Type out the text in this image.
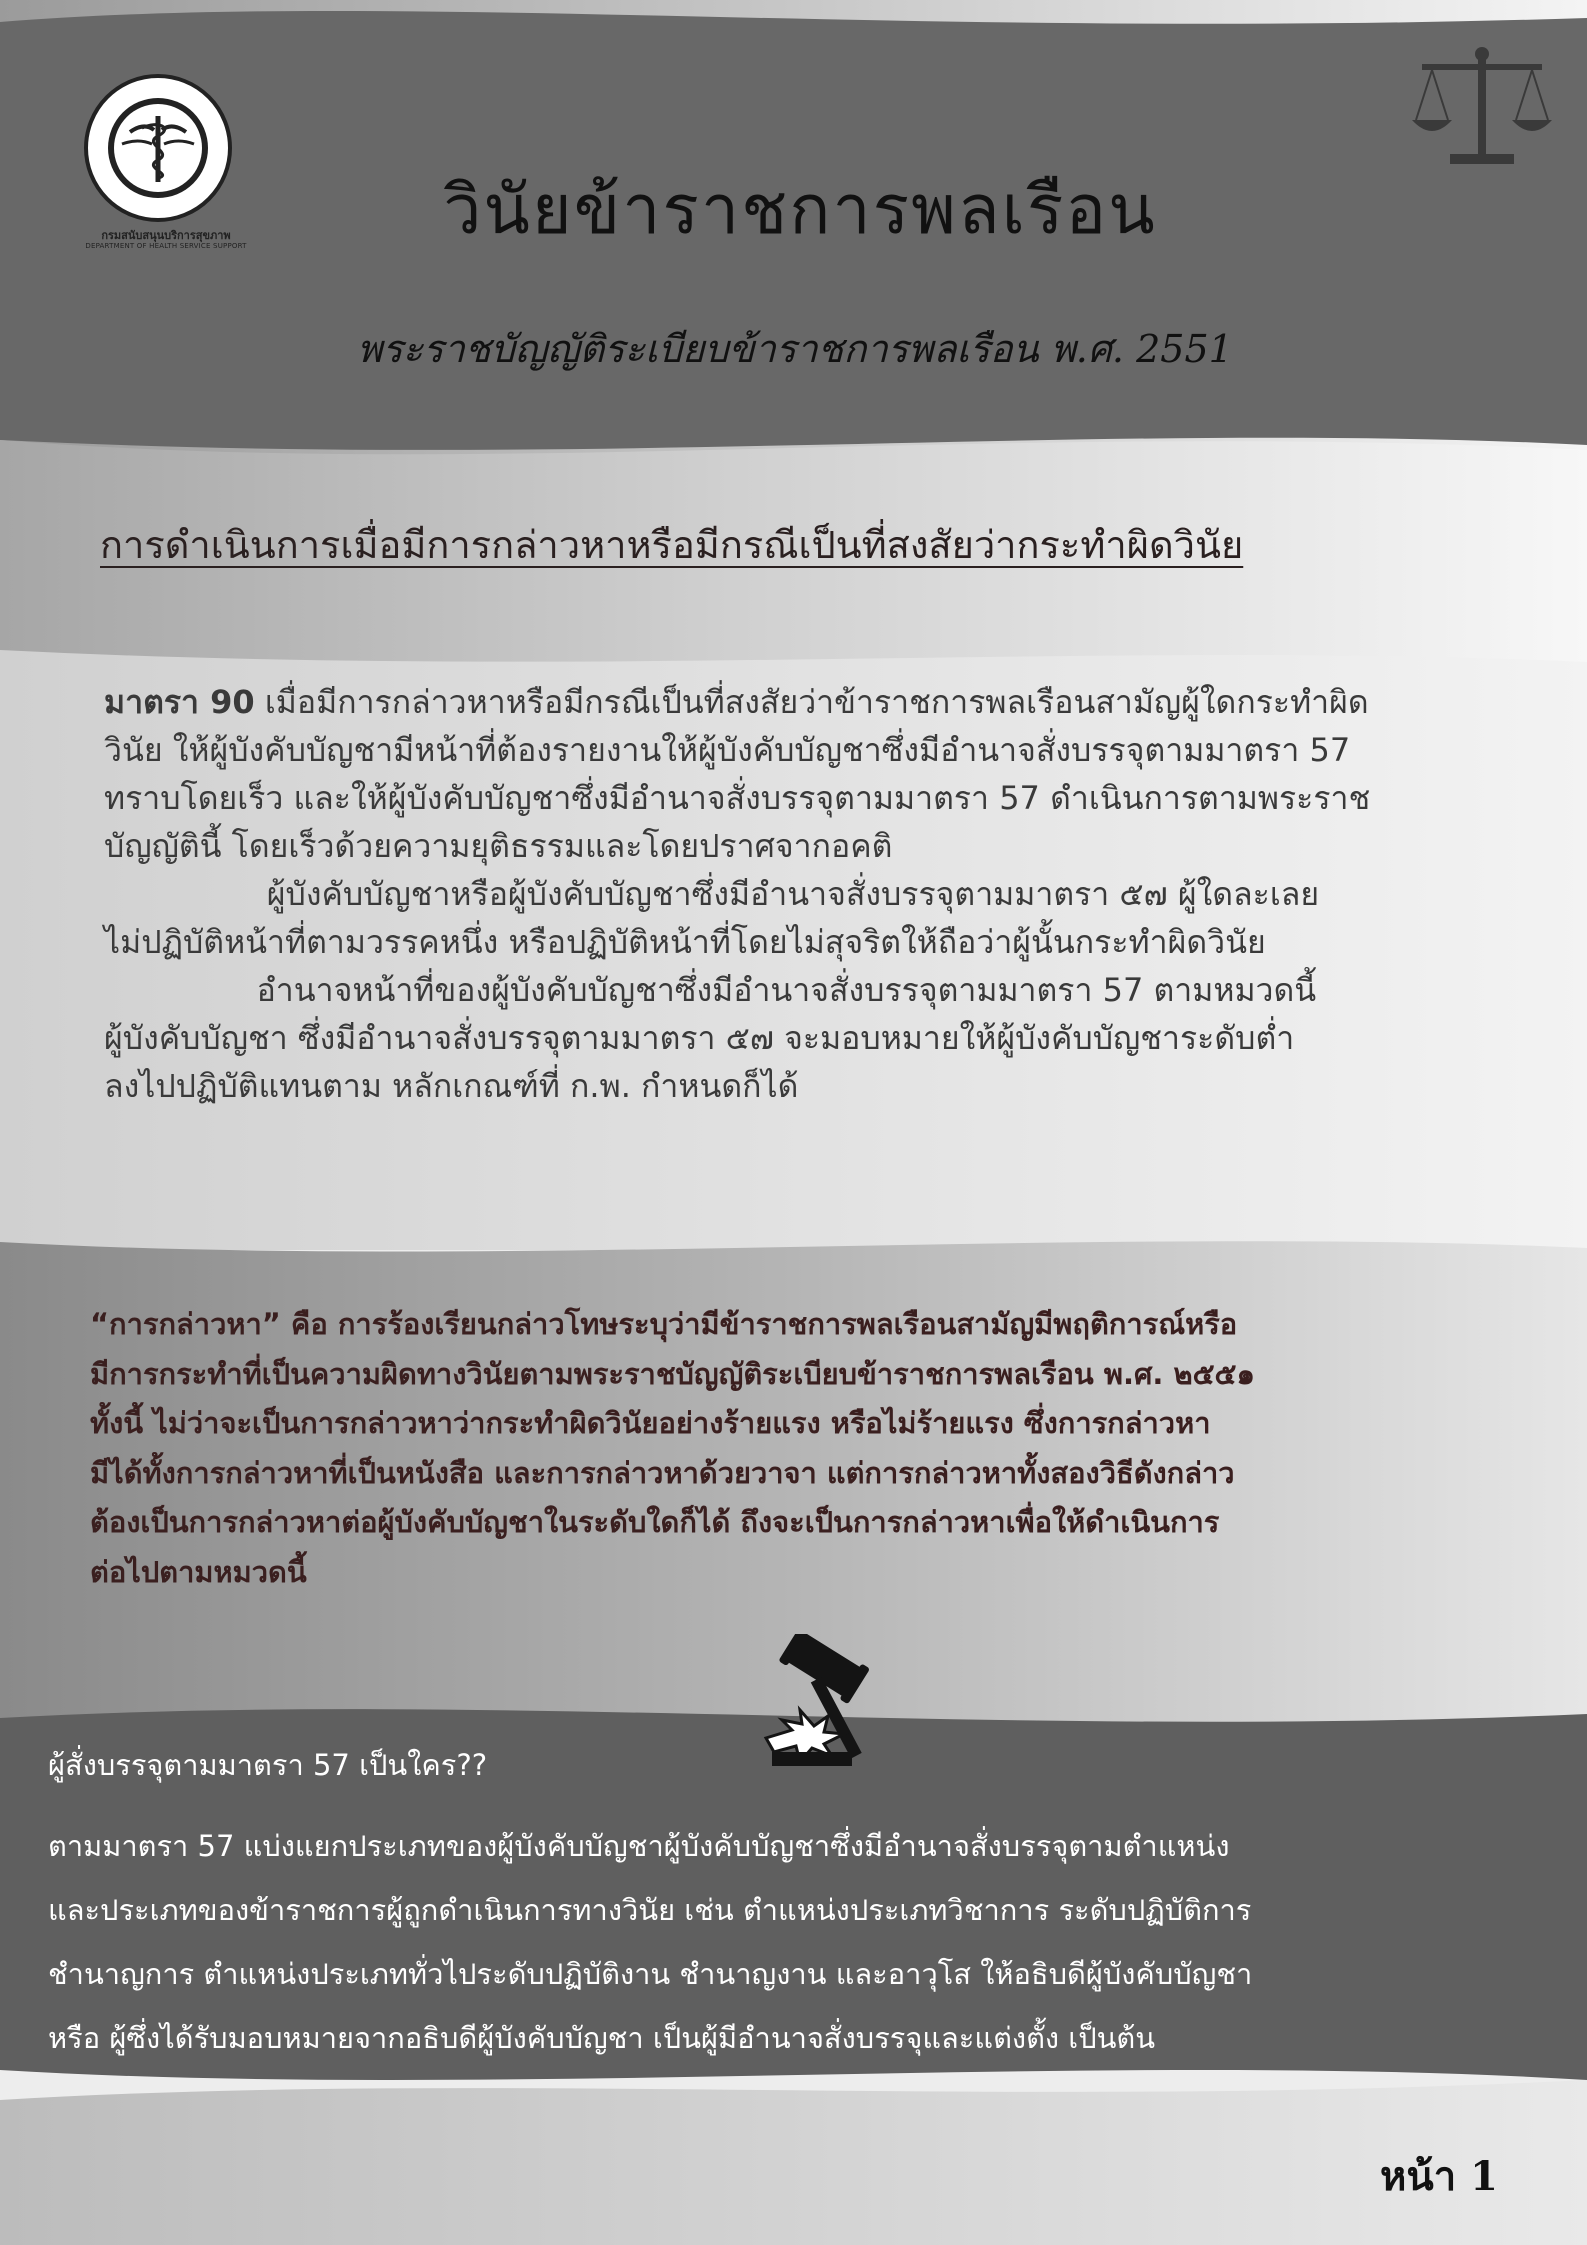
กรมสนับสนุนบริการสุขภาพ
DEPARTMENT OF HEALTH SERVICE SUPPORT	วินัยข้าราชการพลเรือน
พระราชบัญญัติระเบียบข้าราชการพลเรือน พ.ศ. 2551
การดำเนินการเมื่อมีการกล่าวหาหรือมีกรณีเป็นที่สงสัยว่ากระทำผิดวินัย

มาตรา 90 เมื่อมีการกล่าวหาหรือมีกรณีเป็นที่สงสัยว่าข้าราชการพลเรือนสามัญผู้ใดกระทำผิด

วินัย ให้ผู้บังคับบัญชามีหน้าที่ต้องรายงานให้ผู้บังคับบัญชาซึ่งมีอำนาจสั่งบรรจุตามมาตรา 57

ทราบโดยเร็ว และให้ผู้บังคับบัญชาซึ่งมีอำนาจสั่งบรรจุตามมาตรา 57 ดำเนินการตามพระราช

บัญญัตินี้ โดยเร็วด้วยความยุติธรรมและโดยปราศจากอคติ

ผู้บังคับบัญชาหรือผู้บังคับบัญชาซึ่งมีอำนาจสั่งบรรจุตามมาตรา ๕๗ ผู้ใดละเลย

ไม่ปฏิบัติหน้าที่ตามวรรคหนึ่ง หรือปฏิบัติหน้าที่โดยไม่สุจริตให้ถือว่าผู้นั้นกระทำผิดวินัย

อำนาจหน้าที่ของผู้บังคับบัญชาซึ่งมีอำนาจสั่งบรรจุตามมาตรา 57 ตามหมวดนี้

ผู้บังคับบัญชา ซึ่งมีอำนาจสั่งบรรจุตามมาตรา ๕๗ จะมอบหมายให้ผู้บังคับบัญชาระดับต่ำ

ลงไปปฏิบัติแทนตาม หลักเกณฑ์ที่ ก.พ. กำหนดก็ได้

“การกล่าวหา” คือ การร้องเรียนกล่าวโทษระบุว่ามีข้าราชการพลเรือนสามัญมีพฤติการณ์หรือ

มีการกระทำที่เป็นความผิดทางวินัยตามพระราชบัญญัติระเบียบข้าราชการพลเรือน พ.ศ. ๒๕๕๑

ทั้งนี้ ไม่ว่าจะเป็นการกล่าวหาว่ากระทำผิดวินัยอย่างร้ายแรง หรือไม่ร้ายแรง ซึ่งการกล่าวหา

มีได้ทั้งการกล่าวหาที่เป็นหนังสือ และการกล่าวหาด้วยวาจา แต่การกล่าวหาทั้งสองวิธีดังกล่าว

ต้องเป็นการกล่าวหาต่อผู้บังคับบัญชาในระดับใดก็ได้ ถึงจะเป็นการกล่าวหาเพื่อให้ดำเนินการ

ต่อไปตามหมวดนี้

ผู้สั่งบรรจุตามมาตรา 57 เป็นใคร??

ตามมาตรา 57 แบ่งแยกประเภทของผู้บังคับบัญชาผู้บังคับบัญชาซึ่งมีอำนาจสั่งบรรจุตามตำแหน่ง

และประเภทของข้าราชการผู้ถูกดำเนินการทางวินัย เช่น ตำแหน่งประเภทวิชาการ ระดับปฏิบัติการ

ชำนาญการ ตำแหน่งประเภททั่วไประดับปฏิบัติงาน ชำนาญงาน และอาวุโส ให้อธิบดีผู้บังคับบัญชา

หรือ ผู้ซึ่งได้รับมอบหมายจากอธิบดีผู้บังคับบัญชา เป็นผู้มีอำนาจสั่งบรรจุและแต่งตั้ง เป็นต้น

หน้า 1
